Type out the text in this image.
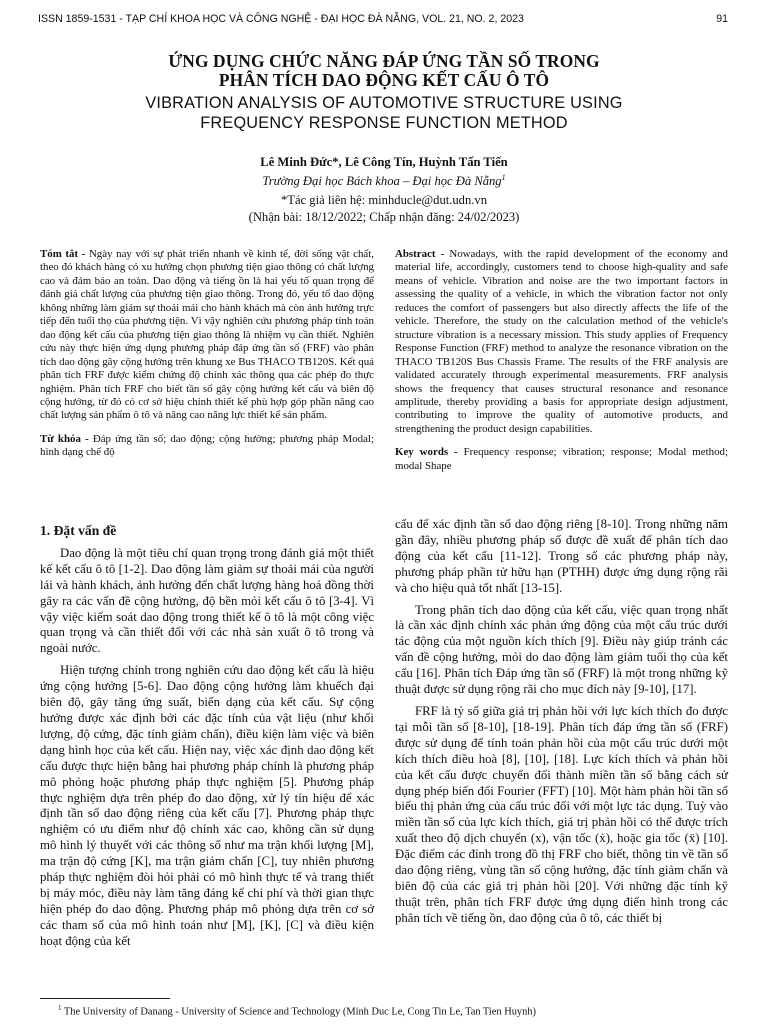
ISSN 1859-1531 - TẠP CHÍ KHOA HỌC VÀ CÔNG NGHỆ - ĐẠI HỌC ĐÀ NẴNG, VOL. 21, NO. 2, 2023	91
ỨNG DỤNG CHỨC NĂNG ĐÁP ỨNG TẦN SỐ TRONG
PHÂN TÍCH DAO ĐỘNG KẾT CẤU Ô TÔ
VIBRATION ANALYSIS OF AUTOMOTIVE STRUCTURE USING
FREQUENCY RESPONSE FUNCTION METHOD
Lê Minh Đức*, Lê Công Tín, Huỳnh Tấn Tiến
Trường Đại học Bách khoa – Đại học Đà Nẵng$^1$
*Tác giả liên hệ: minhducle@dut.udn.vn
(Nhận bài: 18/12/2022; Chấp nhận đăng: 24/02/2023)

Tóm tắt - Ngày nay với sự phát triển nhanh về kinh tế, đời sống vật chất, theo đó khách hàng có xu hướng chọn phương tiện giao thông có chất lượng cao và đảm bảo an toàn. Dao động và tiếng ồn là hai yếu tố quan trọng để đánh giá chất lượng của phương tiện giao thông. Trong đó, yếu tố dao động không những làm giảm sự thoải mái cho hành khách mà còn ảnh hưởng trực tiếp đến tuổi thọ của phương tiện. Vì vậy nghiên cứu phương pháp tính toán dao động kết cấu của phương tiện giao thông là nhiệm vụ cần thiết. Nghiên cứu này thực hiện ứng dụng phương pháp đáp ứng tần số (FRF) vào phân tích dao động gây cộng hưởng trên khung xe Bus THACO TB120S. Kết quả phân tích FRF được kiểm chứng độ chính xác thông qua các phép đo thực nghiệm. Phân tích FRF cho biết tần số gây cộng hưởng kết cấu và biên độ cộng hưởng, từ đó có cơ sở hiệu chỉnh thiết kế phù hợp góp phần nâng cao chất lượng sản phẩm ô tô và nâng cao năng lực thiết kế sản phẩm.

Từ khóa - Đáp ứng tần số; dao động; cộng hưởng; phương pháp Modal; hình dạng chế độ

Abstract - Nowadays, with the rapid development of the economy and material life, accordingly, customers tend to choose high-quality and safe means of vehicle. Vibration and noise are the two important factors in assessing the quality of a vehicle, in which the vibration factor not only reduces the comfort of passengers but also directly affects the life of the vehicle. Therefore, the study on the calculation method of the vehicle's structure vibration is a necessary mission. This study applies of Frequency Response Function (FRF) method to analyze the resonance vibration on the THACO TB120S Bus Chassis Frame. The results of the FRF analysis are validated accurately through experimental measurements. FRF analysis shows the frequency that causes structural resonance and resonance amplitude, thereby providing a basis for appropriate design adjustment, contributing to improve the quality of automotive products, and strengthening the product design capabilities.

Key words - Frequency response; vibration; response; Modal method; modal Shape

1. Đặt vấn đề

Dao động là một tiêu chí quan trọng trong đánh giá một thiết kế kết cấu ô tô [1-2]. Dao động làm giảm sự thoải mái của người lái và hành khách, ảnh hưởng đến chất lượng hàng hoá đồng thời gây ra các vấn đề cộng hưởng, độ bền mỏi kết cấu ô tô [3-4]. Vì vậy việc kiểm soát dao động trong thiết kế ô tô là một công việc quan trọng và cần thiết đối với các nhà sản xuất ô tô trong và ngoài nước.

Hiện tượng chính trong nghiên cứu dao động kết cấu là hiệu ứng cộng hưởng [5-6]. Dao động cộng hưởng làm khuếch đại biên độ, gây tăng ứng suất, biến dạng của kết cấu. Sự cộng hưởng được xác định bởi các đặc tính của vật liệu (như khối lượng, độ cứng, đặc tính giảm chấn), điều kiện làm việc và biên dạng hình học của kết cấu. Hiện nay, việc xác định dao động kết cấu được thực hiện bằng hai phương pháp chính là phương pháp mô phỏng hoặc phương pháp thực nghiệm [5]. Phương pháp thực nghiệm dựa trên phép đo dao động, xử lý tín hiệu để xác định tần số dao động riêng của kết cấu [7]. Phương pháp thực nghiệm có ưu điểm như độ chính xác cao, không cần sử dụng mô hình lý thuyết với các thông số như ma trận khối lượng [M], ma trận độ cứng [K], ma trận giảm chấn [C], tuy nhiên phương pháp thực nghiệm đòi hỏi phải có mô hình thực tế và trang thiết bị máy móc, điều này làm tăng đáng kể chi phí và thời gian thực hiện phép đo dao động. Phương pháp mô phỏng dựa trên cơ sở các tham số của mô hình toán như [M], [K], [C] và điều kiện hoạt động của kết

cấu để xác định tần số dao động riêng [8-10]. Trong những năm gần đây, nhiều phương pháp số được đề xuất để phân tích dao động của kết cấu [11-12]. Trong số các phương pháp này, phương pháp phần tử hữu hạn (PTHH) được ứng dụng rộng rãi và cho hiệu quả tốt nhất [13-15].

Trong phân tích dao động của kết cấu, việc quan trọng nhất là cần xác định chính xác phản ứng động của một cấu trúc dưới tác động của một nguồn kích thích [9]. Điều này giúp tránh các vấn đề cộng hưởng, mỏi do dao động làm giảm tuổi thọ của kết cấu [16]. Phân tích Đáp ứng tần số (FRF) là một trong những kỹ thuật được sử dụng rộng rãi cho mục đích này [9-10], [17].

FRF là tỷ số giữa giá trị phản hồi với lực kích thích đo được tại mỗi tần số [8-10], [18-19]. Phân tích đáp ứng tần số (FRF) được sử dụng để tính toán phản hồi của một cấu trúc dưới một kích thích điều hoà [8], [10], [18]. Lực kích thích và phản hồi của kết cấu được chuyển đổi thành miền tần số bằng cách sử dụng phép biến đổi Fourier (FFT) [10]. Một hàm phản hồi tần số biểu thị phản ứng của cấu trúc đối với một lực tác dụng. Tuỳ vào miền tần số của lực kích thích, giá trị phản hồi có thể được trích xuất theo độ dịch chuyển (x), vận tốc (ẋ), hoặc gia tốc (ẍ) [10]. Đặc điểm các đỉnh trong đồ thị FRF cho biết, thông tin về tần số dao động riêng, vùng tần số cộng hưởng, đặc tính giảm chấn và biên độ của các giá trị phản hồi [20]. Với những đặc tính kỹ thuật trên, phân tích FRF được ứng dụng điển hình trong các phân tích về tiếng ồn, dao động của ô tô, các thiết bị

$^1$ The University of Danang - University of Science and Technology (Minh Duc Le, Cong Tin Le, Tan Tien Huynh)
